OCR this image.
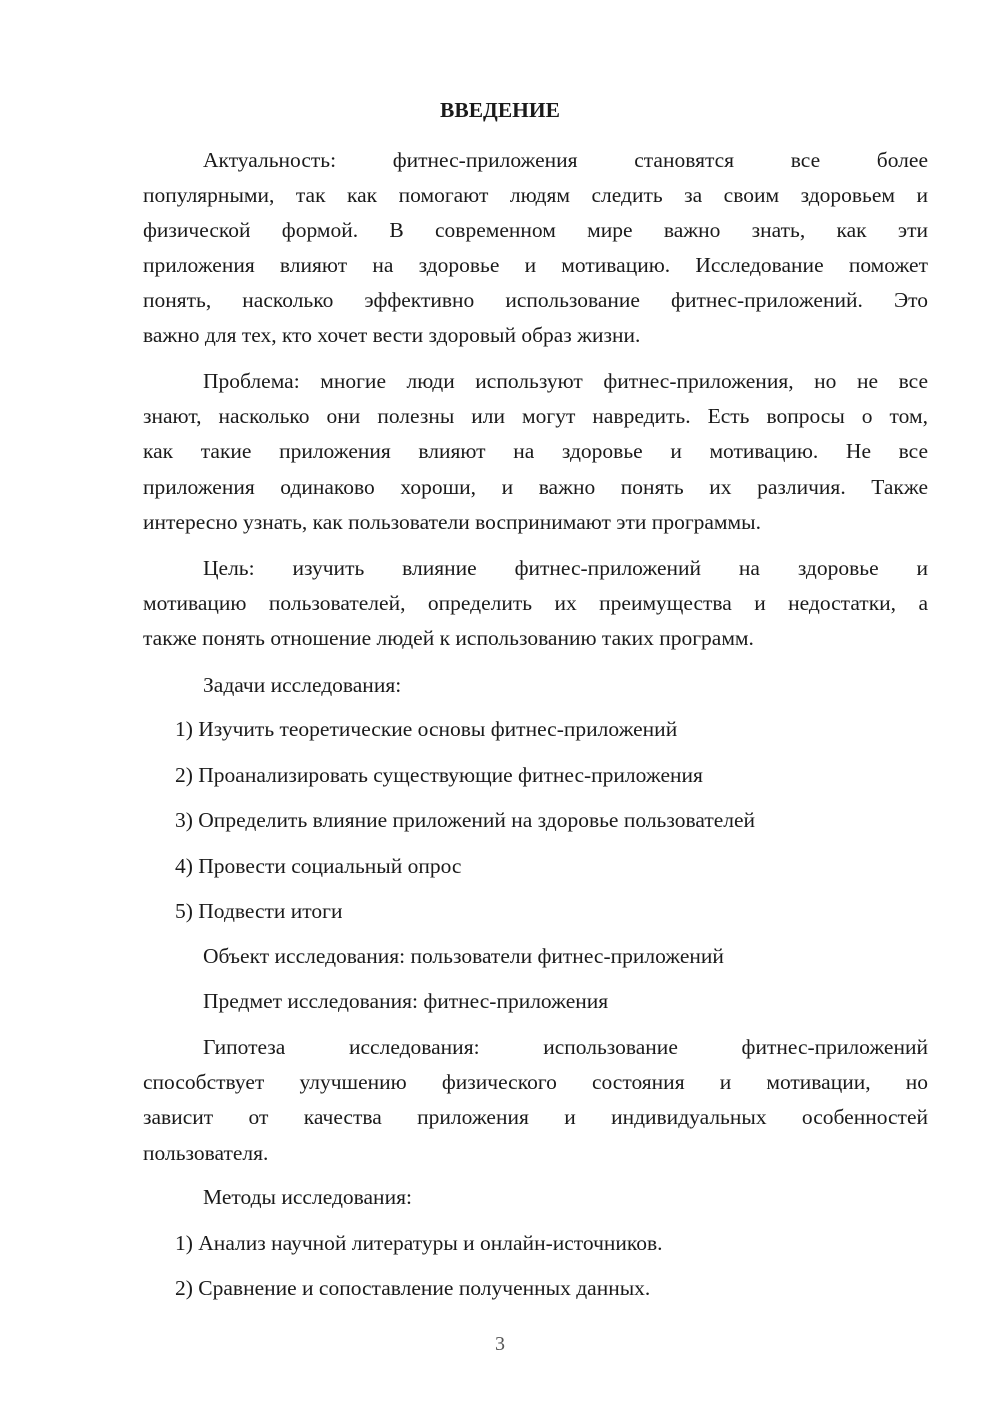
ВВЕДЕНИЕ
Актуальность: фитнес-приложения становятся все более
популярными, так как помогают людям следить за своим здоровьем и
физической формой. В современном мире важно знать, как эти
приложения влияют на здоровье и мотивацию. Исследование поможет
понять, насколько эффективно использование фитнес-приложений. Это
важно для тех, кто хочет вести здоровый образ жизни.
Проблема: многие люди используют фитнес-приложения, но не все
знают, насколько они полезны или могут навредить. Есть вопросы о том,
как такие приложения влияют на здоровье и мотивацию. Не все
приложения одинаково хороши, и важно понять их различия. Также
интересно узнать, как пользователи воспринимают эти программы.
Цель: изучить влияние фитнес-приложений на здоровье и
мотивацию пользователей, определить их преимущества и недостатки, а
также понять отношение людей к использованию таких программ.
Задачи исследования:
1) Изучить теоретические основы фитнес-приложений
2) Проанализировать существующие фитнес-приложения
3) Определить влияние приложений на здоровье пользователей
4) Провести социальный опрос
5) Подвести итоги
Объект исследования: пользователи фитнес-приложений
Предмет исследования: фитнес-приложения
Гипотеза исследования: использование фитнес-приложений
способствует улучшению физического состояния и мотивации, но
зависит от качества приложения и индивидуальных особенностей
пользователя.
Методы исследования:
1) Анализ научной литературы и онлайн-источников.
2) Сравнение и сопоставление полученных данных.
3
